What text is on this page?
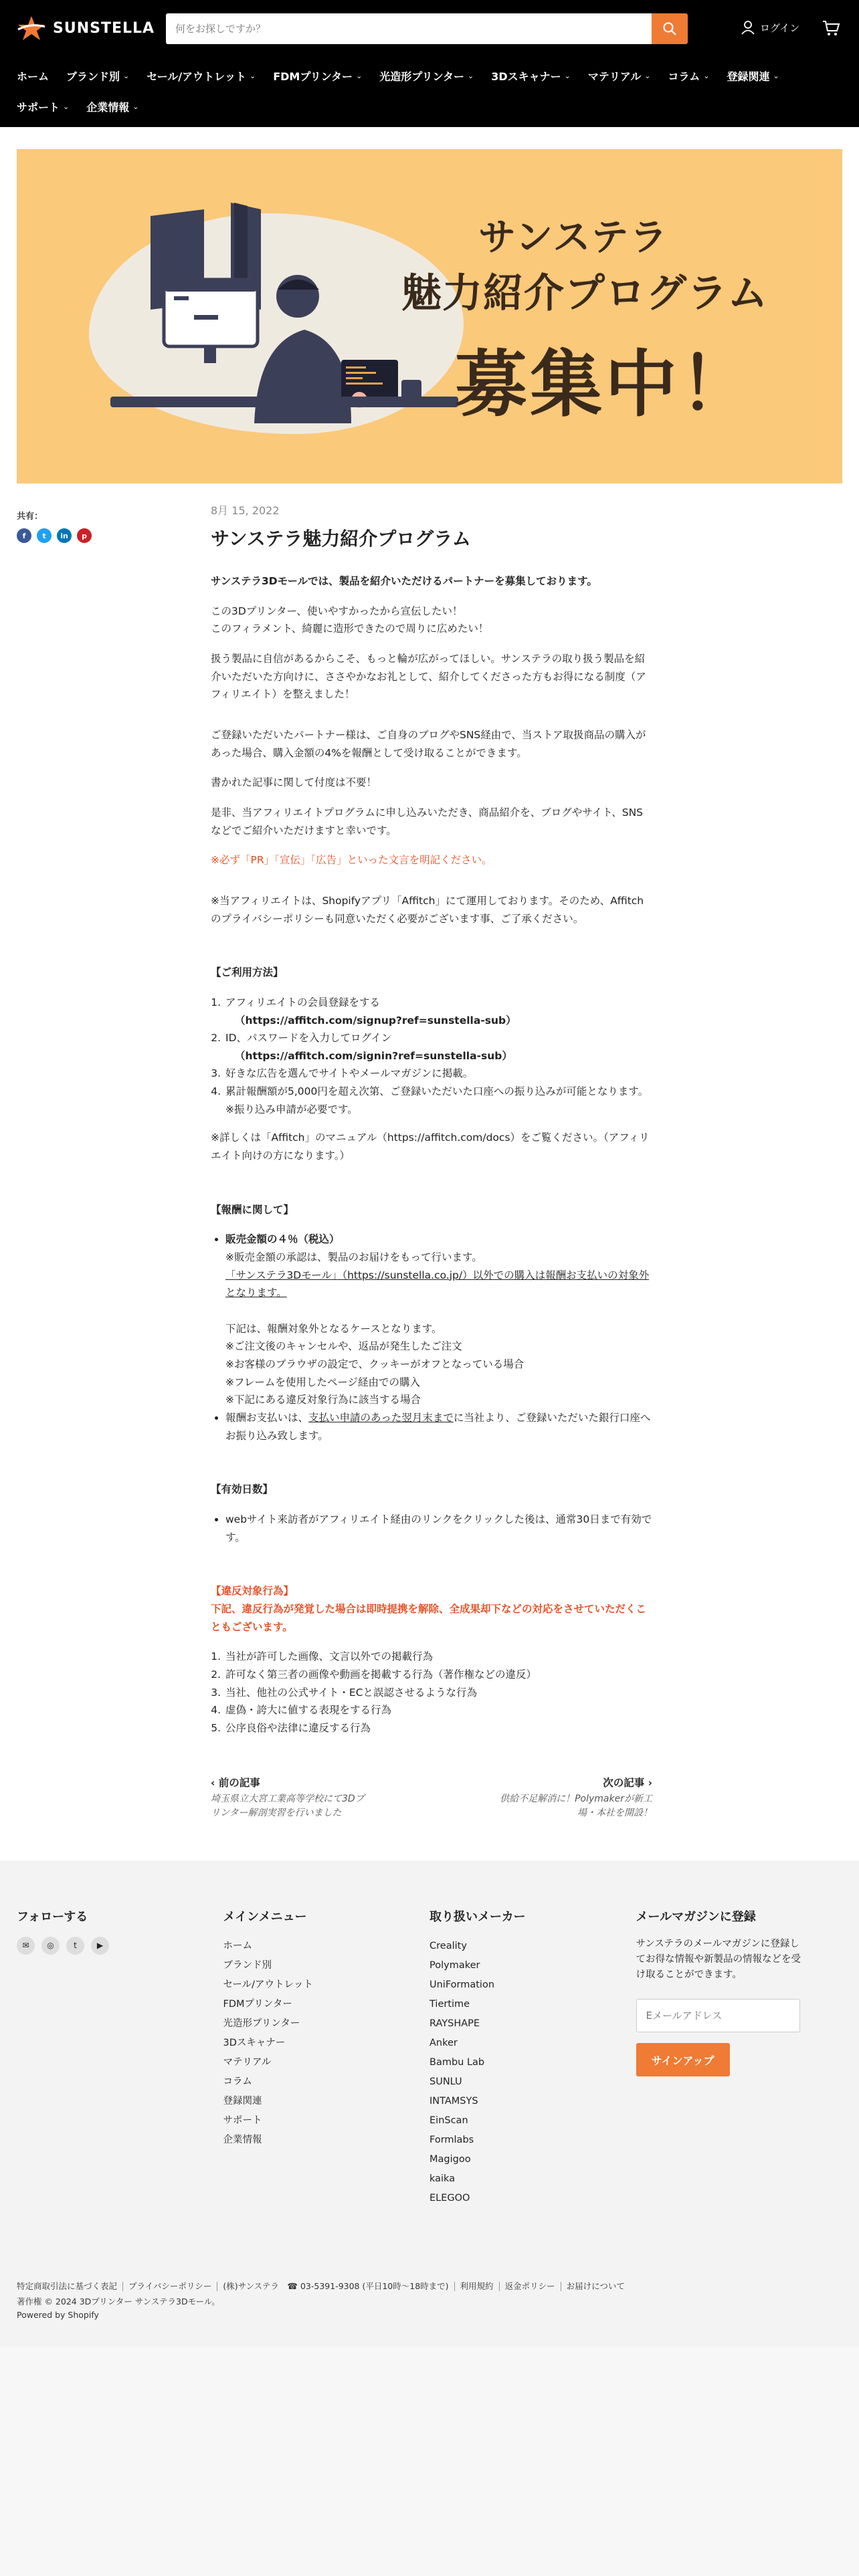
SUNSTELLA
何をお探しですか？	ログイン
ホーム ブランド別 ⌄ セール/アウトレット ⌄ FDMプリンター ⌄ 光造形プリンター ⌄ 3Dスキャナー ⌄ マテリアル ⌄ コラム ⌄ 登録関連 ⌄
サポート ⌄ 企業情報 ⌄
サンステラ
魅力紹介プログラム
募集中！
共有：
f	t	in	p
8月 15, 2022
サンステラ魅力紹介プログラム

サンステラ3Dモールでは、製品を紹介いただけるパートナーを募集しております。

この3Dプリンター、使いやすかったから宣伝したい！
このフィラメント、綺麗に造形できたので周りに広めたい！

扱う製品に自信があるからこそ、もっと輪が広がってほしい。サンステラの取り扱う製品を紹介いただいた方向けに、ささやかなお礼として、紹介してくださった方もお得になる制度（アフィリエイト）を整えました！

ご登録いただいたパートナー様は、ご自身のブログやSNS経由で、当ストア取扱商品の購入があった場合、購入金額の4%を報酬として受け取ることができます。

書かれた記事に関して付度は不要！

是非、当アフィリエイトプログラムに申し込みいただき、商品紹介を、ブログやサイト、SNSなどでご紹介いただけますと幸いです。

※必ず「PR」「宣伝」「広告」といった文言を明記ください。

※当アフィリエイトは、Shopifyアプリ「Affitch」にて運用しております。そのため、Affitchのプライバシーポリシーも同意いただく必要がございます事、ご了承ください。

【ご利用方法】

1. アフィリエイトの会員登録をする
（https://affitch.com/signup?ref=sunstella-sub）
2. ID、パスワードを入力してログイン
（https://affitch.com/signin?ref=sunstella-sub）
3. 好きな広告を選んでサイトやメールマガジンに掲載。
4. 累計報酬額が5,000円を超え次第、ご登録いただいた口座への振り込みが可能となります。※振り込み申請が必要です。

※詳しくは「Affitch」のマニュアル（https://affitch.com/docs）をご覧ください。（アフィリエイト向けの方になります。）

【報酬に関して】

• 販売金額の４％（税込）
※販売金額の承認は、製品のお届けをもって行います。
「サンステラ3Dモール」（https://sunstella.co.jp/）以外での購入は報酬お支払いの対象外となります。

下記は、報酬対象外となるケースとなります。
※ご注文後のキャンセルや、返品が発生したご注文
※お客様のブラウザの設定で、クッキーがオフとなっている場合
※フレームを使用したページ経由での購入
※下記にある違反対象行為に該当する場合
• 報酬お支払いは、支払い申請のあった翌月末までに当社より、ご登録いただいた銀行口座へお振り込み致します。

【有効日数】

• webサイト来訪者がアフィリエイト経由のリンクをクリックした後は、通常30日まで有効です。

【違反対象行為】

下記、違反行為が発覚した場合は即時提携を解除、全成果却下などの対応をさせていただくこともございます。

1. 当社が許可した画像、文言以外での掲載行為
2. 許可なく第三者の画像や動画を掲載する行為（著作権などの違反）
3. 当社、他社の公式サイト・ECと誤認させるような行為
4. 虚偽・誇大に値する表現をする行為
5. 公序良俗や法律に違反する行為
‹ 前の記事
埼玉県立大宮工業高等学校にて3Dプリンター解剖実習を行いました
次の記事 ›
供給不足解消に！Polymakerが新工場・本社を開設！
フォローする
✉	◎	t	▶
メインメニュー
ホーム
ブランド別
セール/アウトレット
FDMプリンター
光造形プリンター
3Dスキャナー
マテリアル
コラム
登録関連
サポート
企業情報
取り扱いメーカー
Creality
Polymaker
UniFormation
Tiertime
RAYSHAPE
Anker
Bambu Lab
SUNLU
INTAMSYS
EinScan
Formlabs
Magigoo
kaika
ELEGOO
メールマガジンに登録
サンステラのメールマガジンに登録してお得な情報や新製品の情報などを受け取ることができます。
Eメールアドレス
サインアップ
特定商取引法に基づく表記	プライバシーポリシー	(株)サンステラ　☎ 03-5391-9308 (平日10時〜18時まで)	利用規約	返金ポリシー	お届けについて
著作権 © 2024 3Dプリンター サンステラ3Dモール。
Powered by Shopify
